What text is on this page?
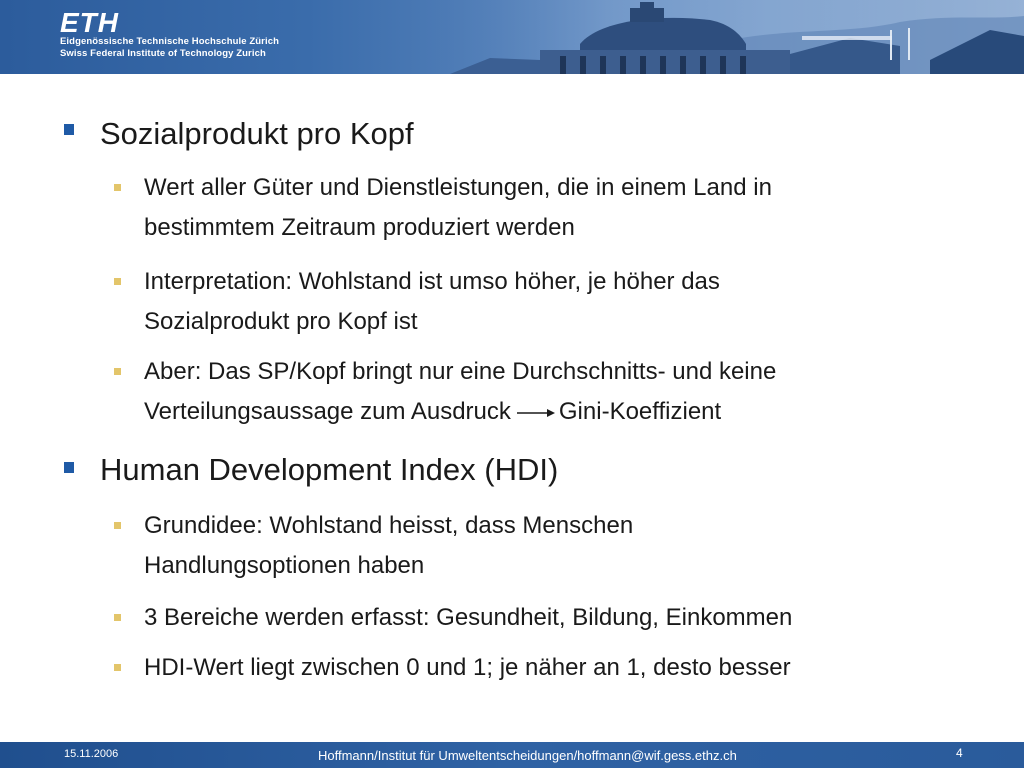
ETH
Eidgenössische Technische Hochschule Zürich
Swiss Federal Institute of Technology Zurich
Sozialprodukt pro Kopf
Wert aller Güter und Dienstleistungen, die in einem Land in
bestimmtem Zeitraum produziert werden
Interpretation: Wohlstand ist umso höher, je höher das
Sozialprodukt pro Kopf ist
Aber: Das SP/Kopf bringt nur eine Durchschnitts- und keine
Verteilungsaussage zum Ausdruck Gini-Koeffizient
Human Development Index (HDI)
Grundidee: Wohlstand heisst, dass Menschen
Handlungsoptionen haben
3 Bereiche werden erfasst: Gesundheit, Bildung, Einkommen
HDI-Wert liegt zwischen 0 und 1; je näher an 1, desto besser
15.11.2006	Hoffmann/Institut für Umweltentscheidungen/hoffmann@wif.gess.ethz.ch	4
